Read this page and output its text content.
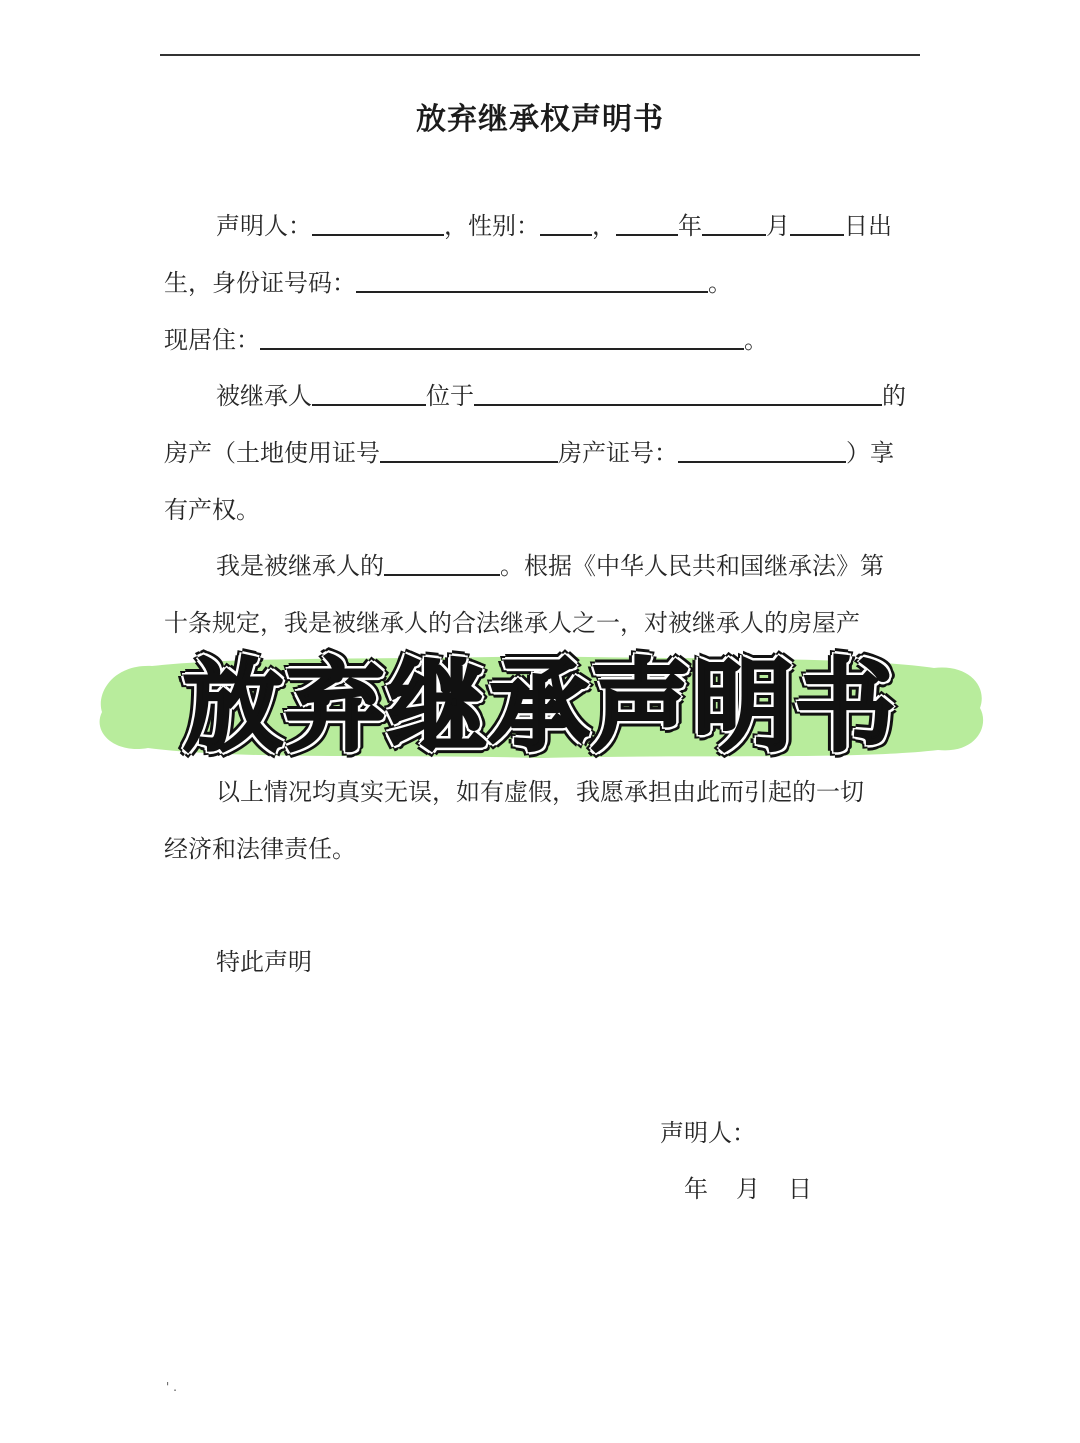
放弃继承权声明书
声明人：	，性别： ，	年	月 日出
生，身份证号码：	。
现居住：	。
被继承人	位于	的
房产（土地使用证号	房产证号：	）享
有产权。
我是被继承人的	。根据《中华人民共和国继承法》第
十条规定，我是被继承人的合法继承人之一，对被继承人的房屋产
以上情况均真实无误，如有虚假，我愿承担由此而引起的一切
经济和法律责任。
特此声明
声明人：
年 月 日
' .
放弃继承声明书
